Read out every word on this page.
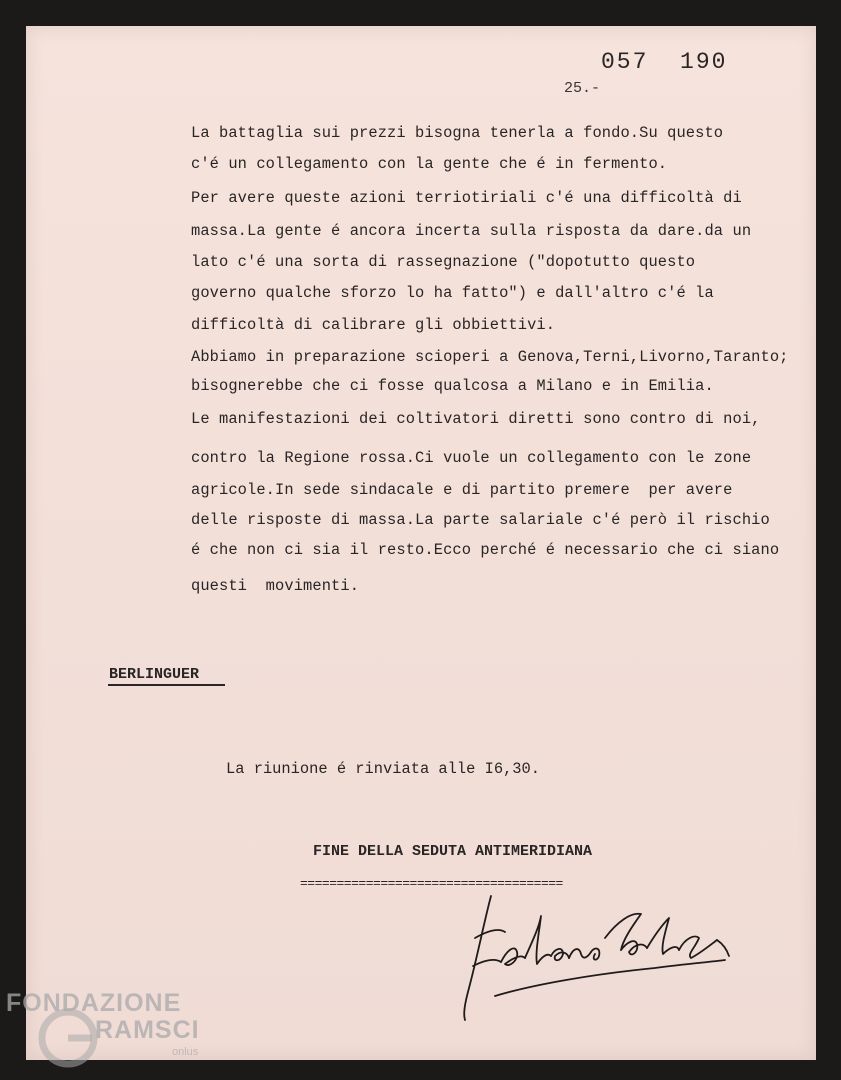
057  190
25.-
La battaglia sui prezzi bisogna tenerla a fondo.Su questo
c'é un collegamento con la gente che é in fermento.
Per avere queste azioni terriotiriali c'é una difficoltà di
massa.La gente é ancora incerta sulla risposta da dare.da un
lato c'é una sorta di rassegnazione ("dopotutto questo
governo qualche sforzo lo ha fatto") e dall'altro c'é la
difficoltà di calibrare gli obbiettivi.
Abbiamo in preparazione scioperi a Genova,Terni,Livorno,Taranto;
bisognerebbe che ci fosse qualcosa a Milano e in Emilia.
Le manifestazioni dei coltivatori diretti sono contro di noi,
contro la Regione rossa.Ci vuole un collegamento con le zone
agricole.In sede sindacale e di partito premere  per avere
delle risposte di massa.La parte salariale c'é però il rischio
é che non ci sia il resto.Ecco perché é necessario che ci siano
questi  movimenti.
BERLINGUER
La riunione é rinviata alle I6,30.
FINE DELLA SEDUTA ANTIMERIDIANA
====================================
FONDAZIONE
RAMSCI
onlus
